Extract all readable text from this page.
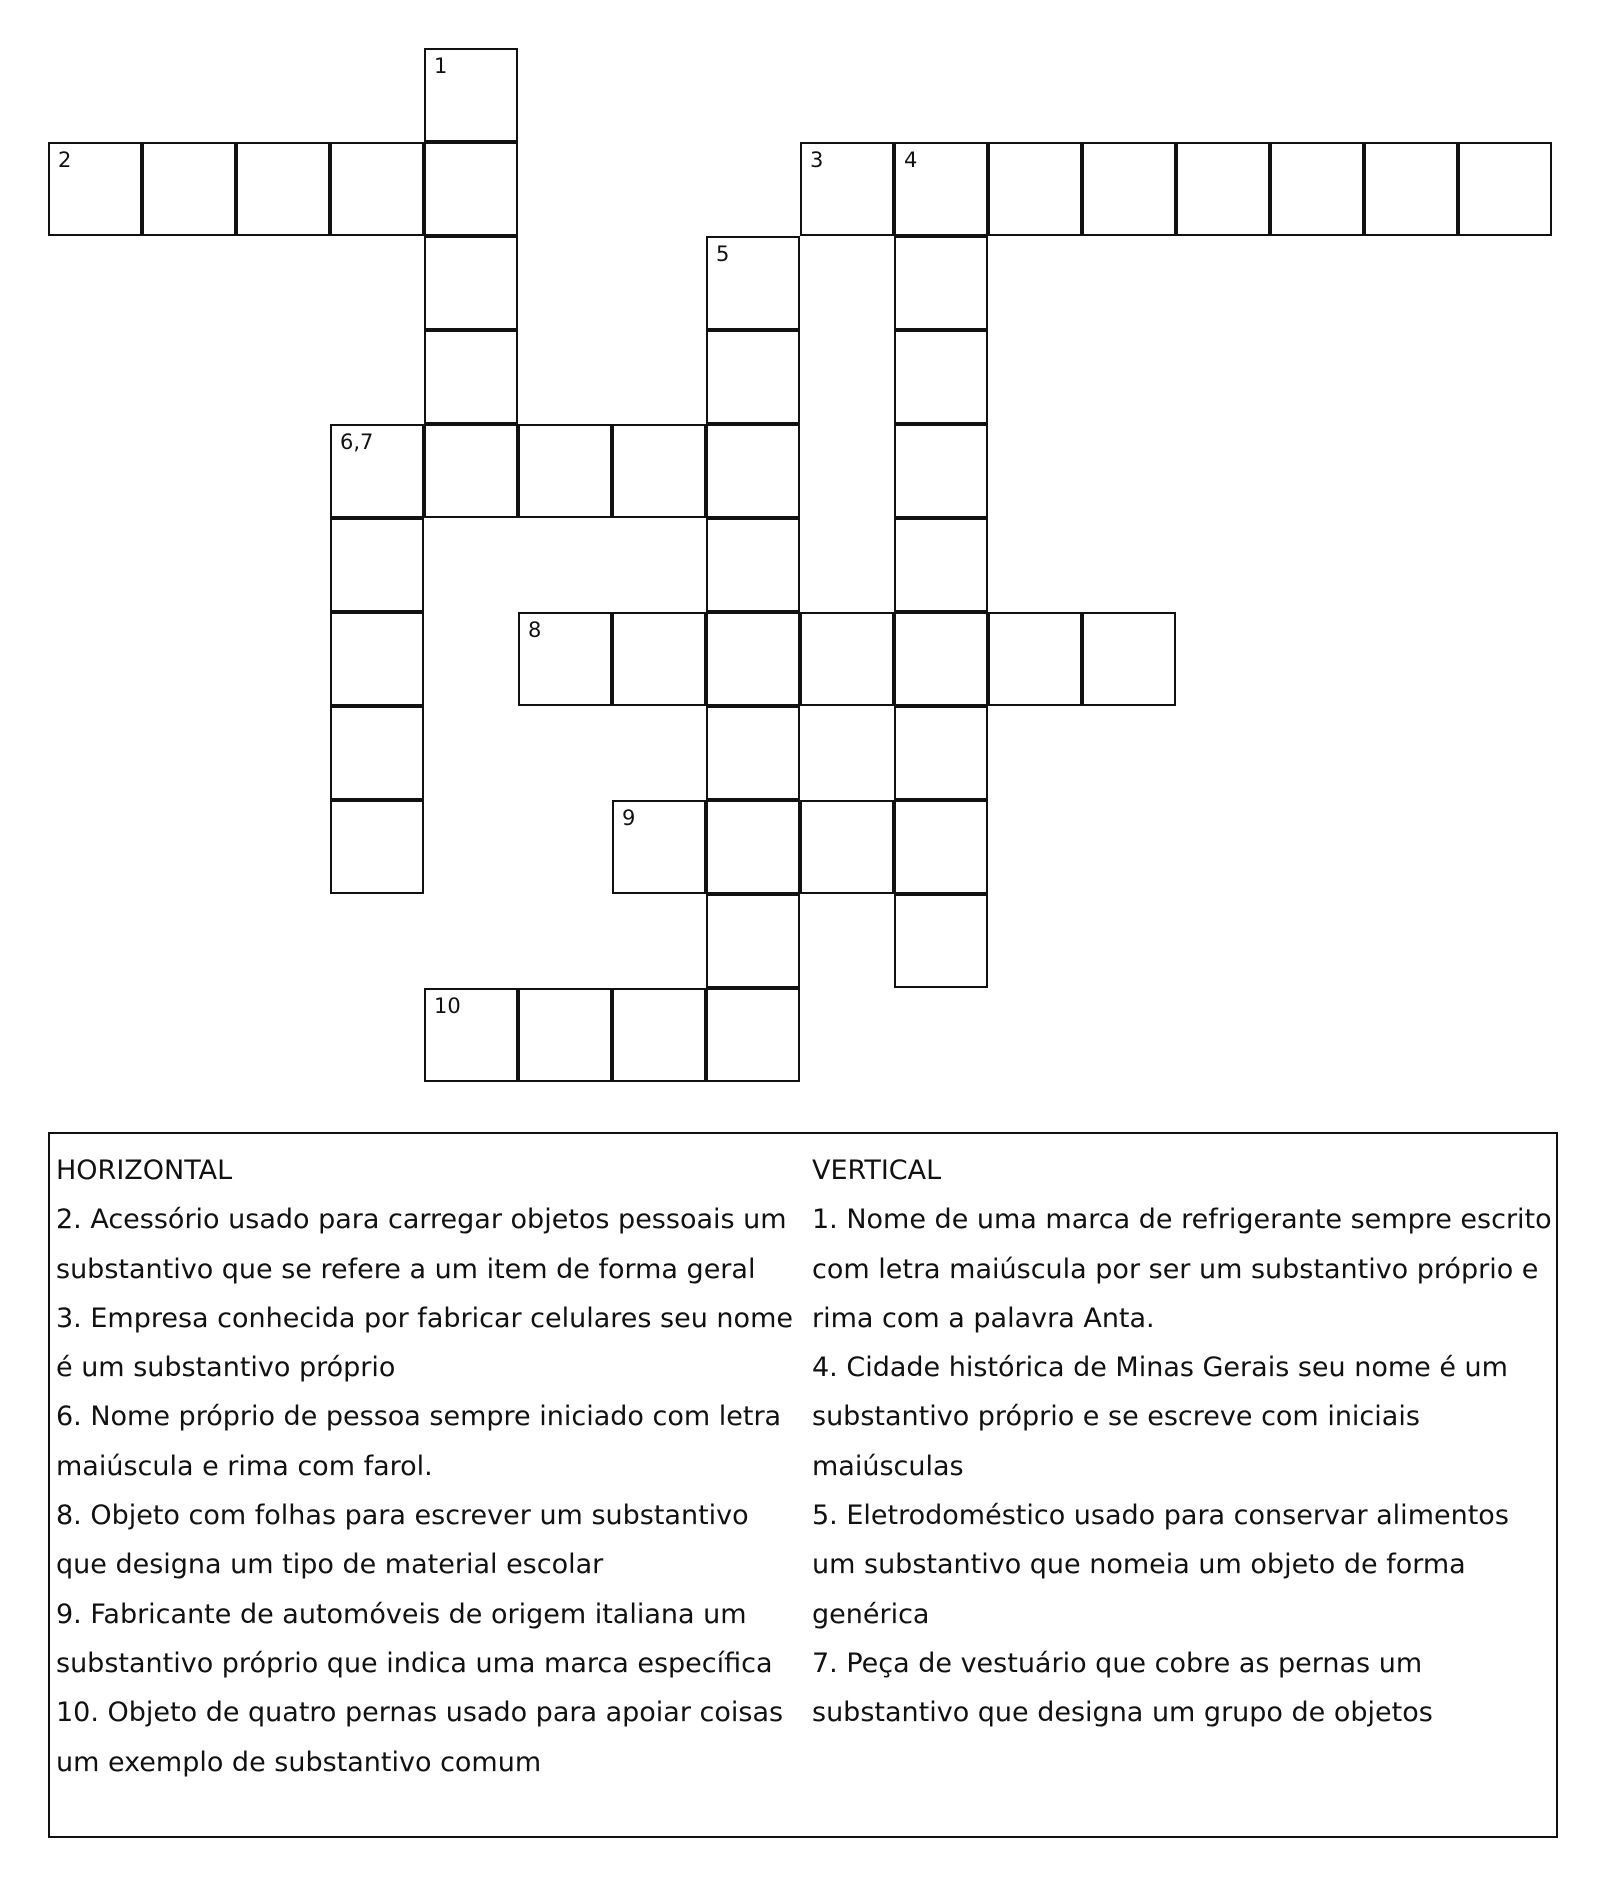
1
2	3	4
5
6,7
8
9
10
HORIZONTAL
2. Acessório usado para carregar objetos pessoais um
substantivo que se refere a um item de forma geral
3. Empresa conhecida por fabricar celulares seu nome
é um substantivo próprio
6. Nome próprio de pessoa sempre iniciado com letra
maiúscula e rima com farol.
8. Objeto com folhas para escrever um substantivo
que designa um tipo de material escolar
9. Fabricante de automóveis de origem italiana um
substantivo próprio que indica uma marca específica
10. Objeto de quatro pernas usado para apoiar coisas
um exemplo de substantivo comum
VERTICAL
1. Nome de uma marca de refrigerante sempre escrito
com letra maiúscula por ser um substantivo próprio e
rima com a palavra Anta.
4. Cidade histórica de Minas Gerais seu nome é um
substantivo próprio e se escreve com iniciais
maiúsculas
5. Eletrodoméstico usado para conservar alimentos
um substantivo que nomeia um objeto de forma
genérica
7. Peça de vestuário que cobre as pernas um
substantivo que designa um grupo de objetos
